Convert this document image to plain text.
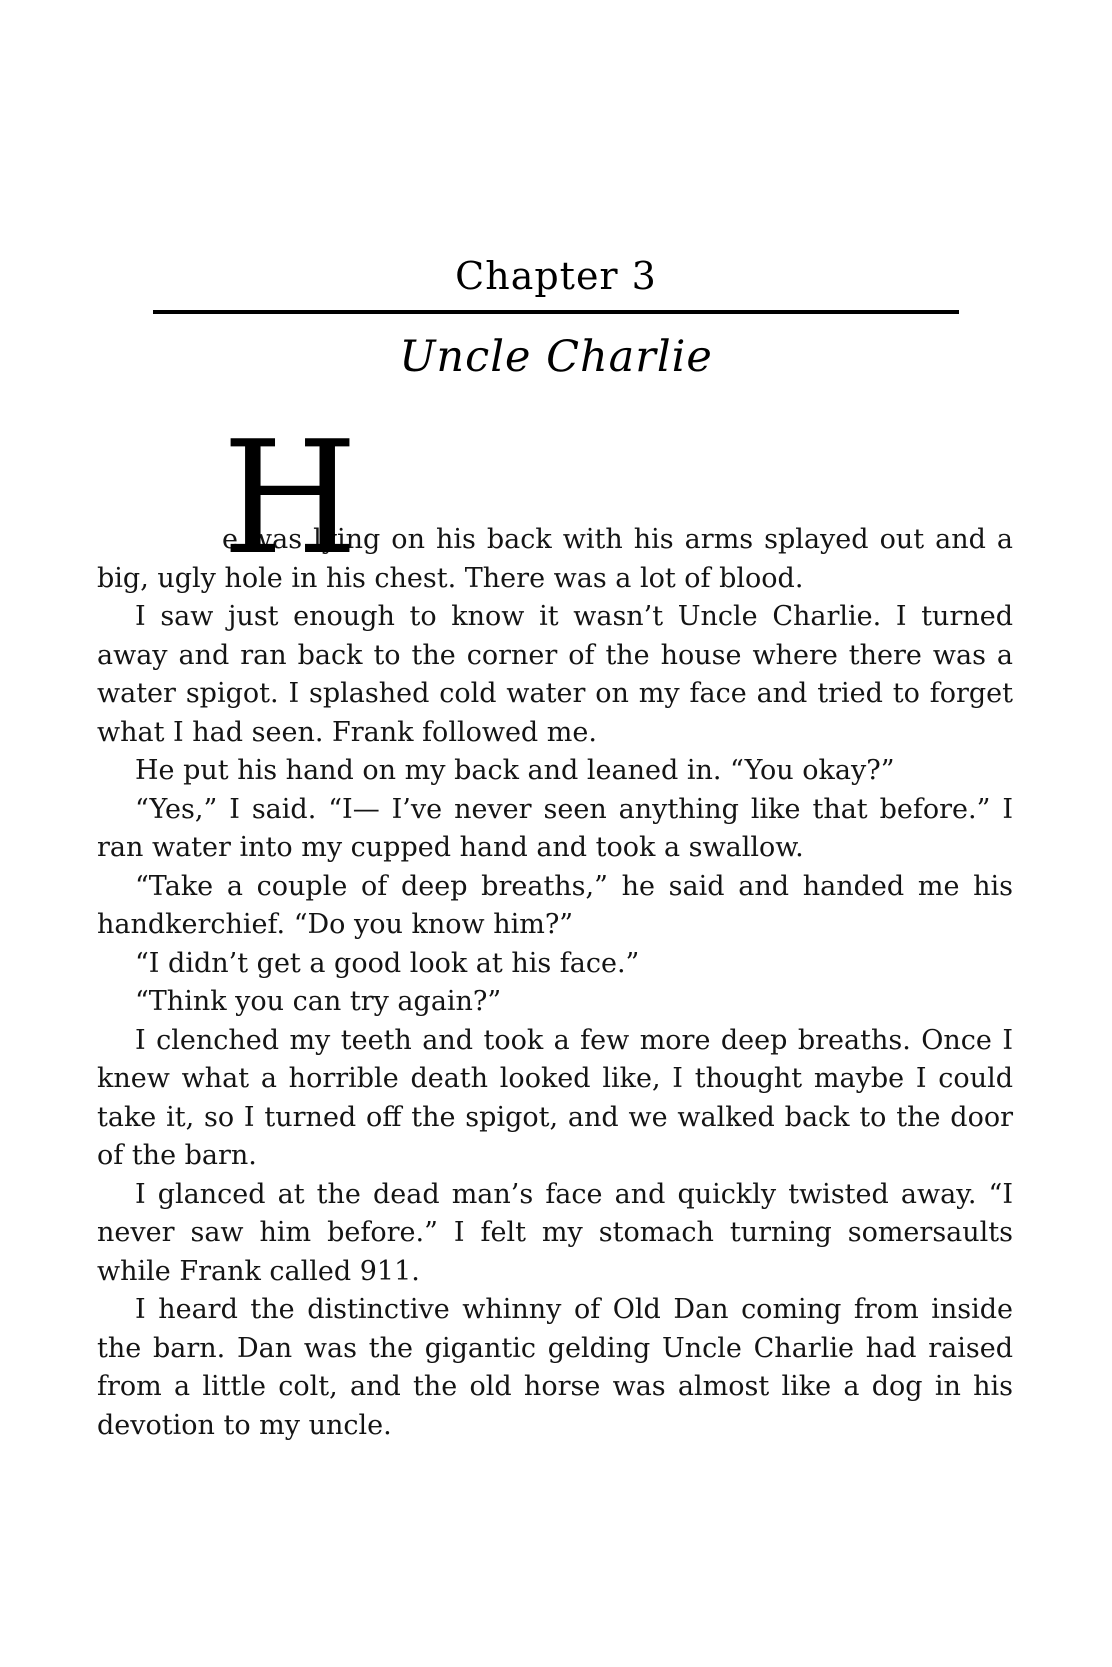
Chapter 3
Uncle Charlie

H
e was lying on his back with his arms splayed out and a big, ugly hole in his chest. There was a lot of blood.

I saw just enough to know it wasn’t Uncle Charlie. I turned away and ran back to the corner of the house where there was a water spigot. I splashed cold water on my face and tried to forget what I had seen. Frank followed me.

He put his hand on my back and leaned in. “You okay?”

“Yes,” I said. “I— I’ve never seen anything like that before.” I ran water into my cupped hand and took a swallow.

“Take a couple of deep breaths,” he said and handed me his handkerchief. “Do you know him?”

“I didn’t get a good look at his face.”

“Think you can try again?”

I clenched my teeth and took a few more deep breaths. Once I knew what a horrible death looked like, I thought maybe I could take it, so I turned off the spigot, and we walked back to the door of the barn.

I glanced at the dead man’s face and quickly twisted away. “I never saw him before.” I felt my stomach turning somersaults while Frank called 911.

I heard the distinctive whinny of Old Dan coming from inside the barn. Dan was the gigantic gelding Uncle Charlie had raised from a little colt, and the old horse was almost like a dog in his devotion to my uncle.
